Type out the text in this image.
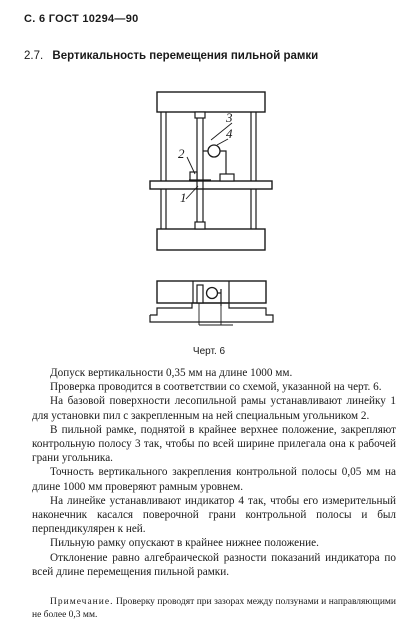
С. 6 ГОСТ 10294—90
2.7. Вертикальность перемещения пильной рамки
3
4
2
1
Черт. 6

Допуск вертикальности 0,35 мм на длине 1000 мм.

Проверка проводится в соответствии со схемой, указанной на черт. 6.

На базовой поверхности лесопильной рамы устанавливают линейку 1 для установки пил с закрепленным на ней специальным угольником 2.

В пильной рамке, поднятой в крайнее верхнее положение, закрепляют контрольную полосу 3 так, чтобы по всей ширине прилегала она к рабочей грани угольника.

Точность вертикального закрепления контрольной полосы 0,05 мм на длине 1000 мм проверяют рамным уровнем.

На линейке устанавливают индикатор 4 так, чтобы его измерительный наконечник касался поверочной грани контрольной полосы и был перпендикулярен к ней.

Пильную рамку опускают в крайнее нижнее положение.

Отклонение равно алгебраической разности показаний индикатора по всей длине перемещения пильной рамки.

Примечание. Проверку проводят при зазорах между ползунами и направляющими не более 0,3 мм.
